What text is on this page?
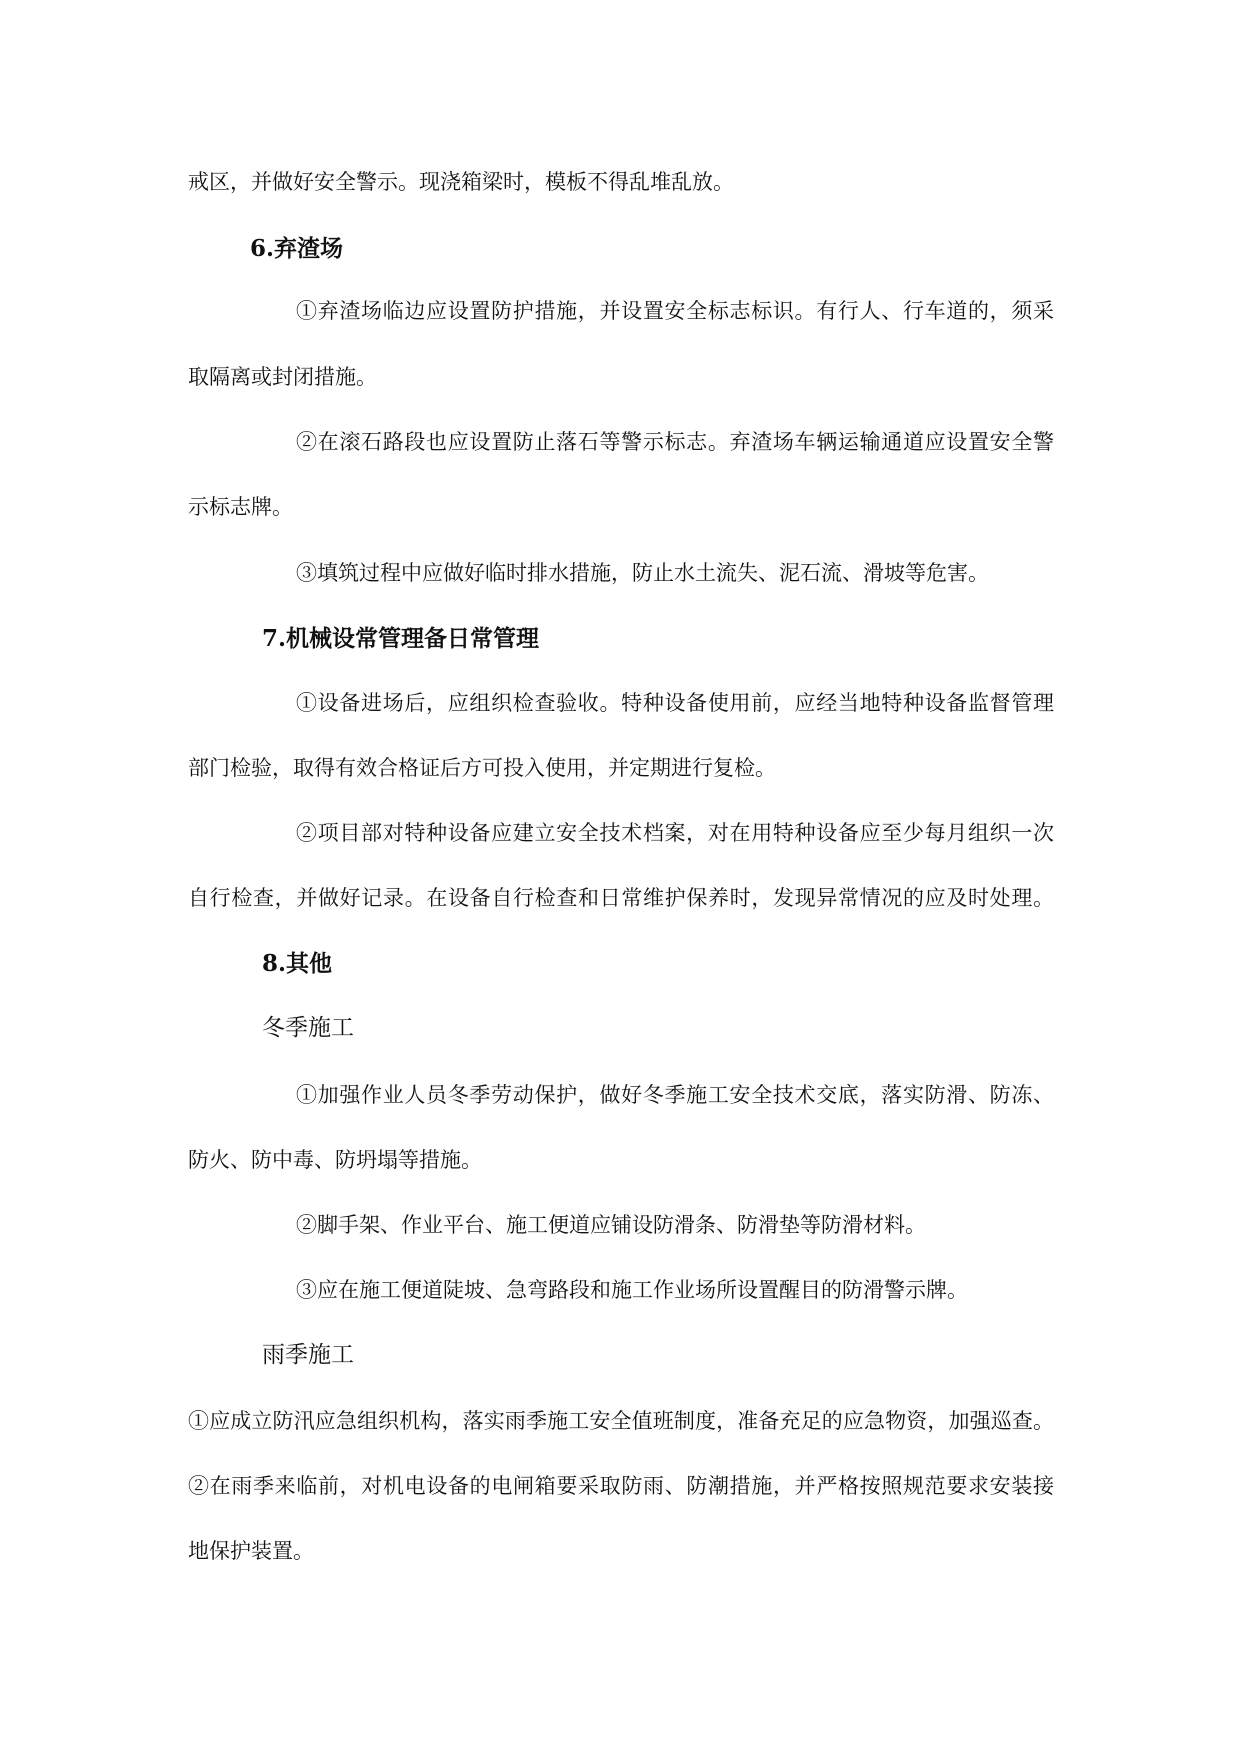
戒区，并做好安全警示。现浇箱梁时，模板不得乱堆乱放。
6.弃渣场
①弃渣场临边应设置防护措施，并设置安全标志标识。有行人、行车道的，须采
取隔离或封闭措施。
②在滚石路段也应设置防止落石等警示标志。弃渣场车辆运输通道应设置安全警
示标志牌。
③填筑过程中应做好临时排水措施，防止水土流失、泥石流、滑坡等危害。
7.机械设常管理备日常管理
①设备进场后，应组织检查验收。特种设备使用前，应经当地特种设备监督管理
部门检验，取得有效合格证后方可投入使用，并定期进行复检。
②项目部对特种设备应建立安全技术档案，对在用特种设备应至少每月组织一次
自行检查，并做好记录。在设备自行检查和日常维护保养时，发现异常情况的应及时处理。
8.其他
冬季施工
①加强作业人员冬季劳动保护，做好冬季施工安全技术交底，落实防滑、防冻、
防火、防中毒、防坍塌等措施。
②脚手架、作业平台、施工便道应铺设防滑条、防滑垫等防滑材料。
③应在施工便道陡坡、急弯路段和施工作业场所设置醒目的防滑警示牌。
雨季施工
①应成立防汛应急组织机构，落实雨季施工安全值班制度，准备充足的应急物资，加强巡查。
②在雨季来临前，对机电设备的电闸箱要采取防雨、防潮措施，并严格按照规范要求安装接
地保护装置。
